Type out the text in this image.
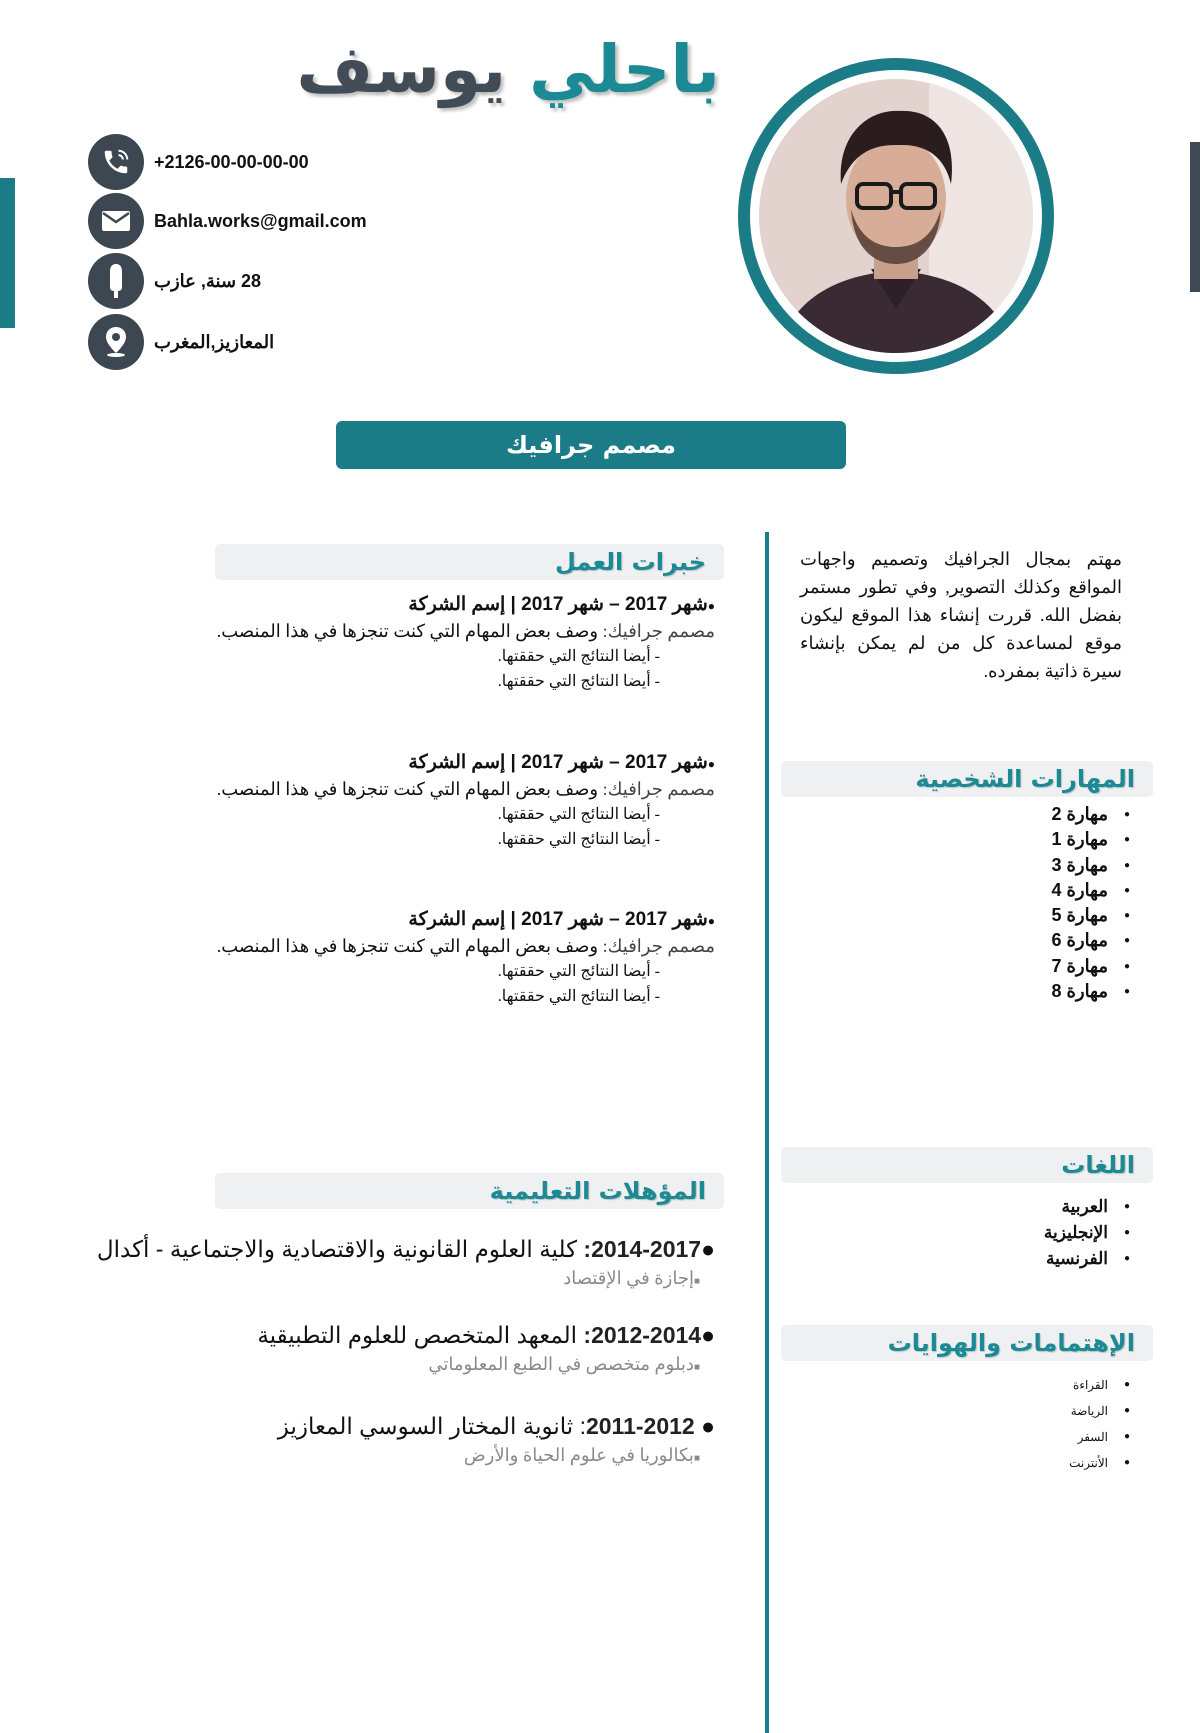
باحلي يوسف
+2126-00-00-00-00
Bahla.works@gmail.com
28 سنة, عازب
المعازيز,المغرب
مصمم جرافيك
مهتم بمجال الجرافيك وتصميم واجهات المواقع وكذلك التصوير, وفي تطور مستمر بفضل الله. قررت إنشاء هذا الموقع ليكون موقع لمساعدة كل من لم يمكن بإنشاء سيرة ذاتية بمفرده.
المهارات الشخصية
● مهارة 2
● مهارة 1
● مهارة 3
● مهارة 4
● مهارة 5
● مهارة 6
● مهارة 7
● مهارة 8
اللغات
● العربية
● الإنجليزية
● الفرنسية
الإهتمامات والهوايات
● القراءة
● الرياضة
● السفر
● الأنترنت
خبرات العمل
●شهر 2017 – شهر 2017 | إسم الشركة
مصمم جرافيك: وصف بعض المهام التي كنت تنجزها في هذا المنصب.
- أيضا النتائج التي حققتها.
- أيضا النتائج التي حققتها.
●شهر 2017 – شهر 2017 | إسم الشركة
مصمم جرافيك: وصف بعض المهام التي كنت تنجزها في هذا المنصب.
- أيضا النتائج التي حققتها.
- أيضا النتائج التي حققتها.
●شهر 2017 – شهر 2017 | إسم الشركة
مصمم جرافيك: وصف بعض المهام التي كنت تنجزها في هذا المنصب.
- أيضا النتائج التي حققتها.
- أيضا النتائج التي حققتها.
المؤهلات التعليمية
●2014-2017: كلية العلوم القانونية والاقتصادية والاجتماعية - أكدال
■إجازة في الإقتصاد
●2012-2014: المعهد المتخصص للعلوم التطبيقية
■دبلوم متخصص في الطبع المعلوماتي
● 2011-2012: ثانوية المختار السوسي المعازيز
■بكالوريا في علوم الحياة والأرض
